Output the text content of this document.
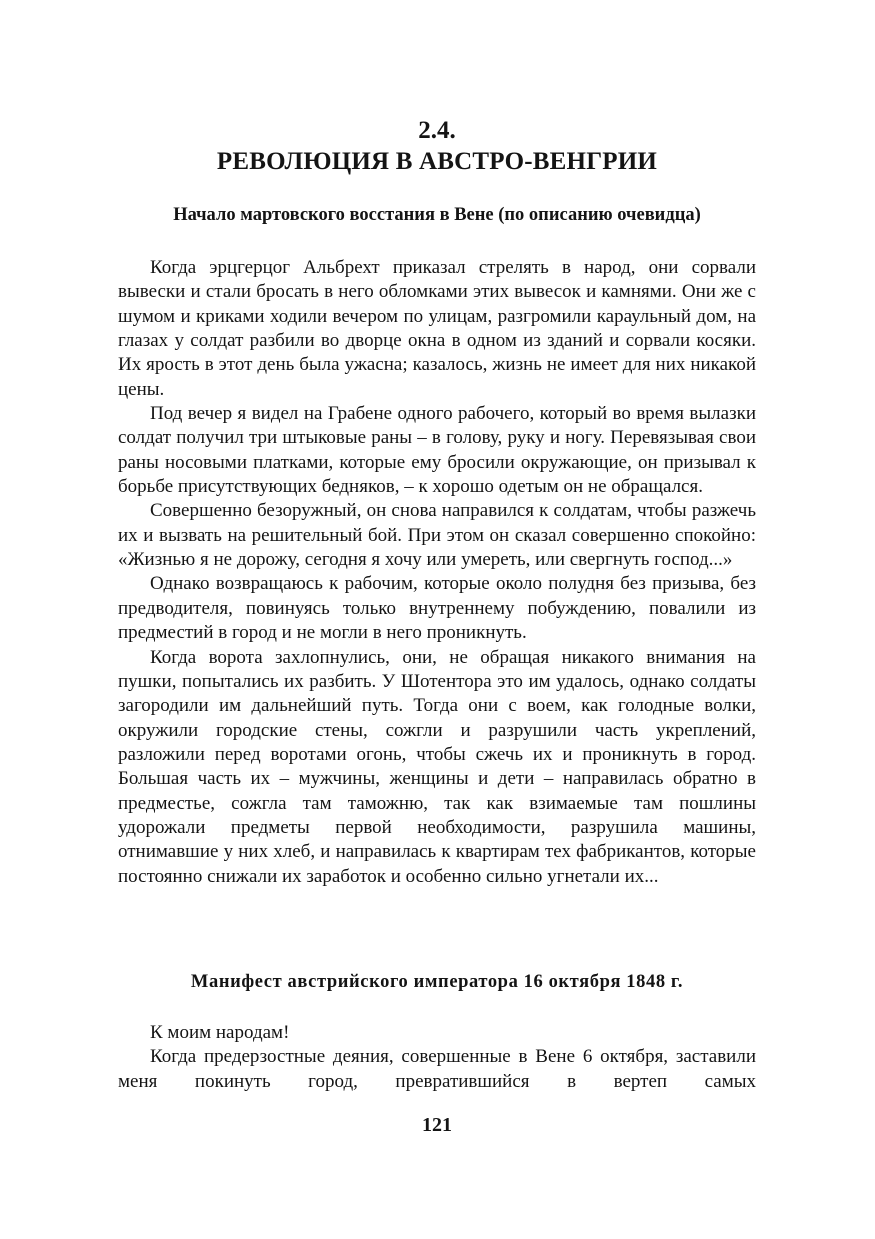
2.4.
РЕВОЛЮЦИЯ В АВСТРО-ВЕНГРИИ
Начало мартовского восстания в Вене (по описанию очевидца)

Когда эрцгерцог Альбрехт приказал стрелять в народ, они сорвали вывески и стали бросать в него обломками этих вывесок и камнями. Они же с шумом и криками ходили вечером по улицам, разгромили караульный дом, на глазах у солдат разбили во дворце окна в одном из зданий и сорвали косяки. Их ярость в этот день была ужасна; казалось, жизнь не имеет для них никакой цены.

Под вечер я видел на Грабене одного рабочего, который во время вылазки солдат получил три штыковые раны – в голову, руку и ногу. Перевязывая свои раны носовыми платками, которые ему бросили окружающие, он призывал к борьбе присутствующих бедняков, – к хорошо одетым он не обращался.

Совершенно безоружный, он снова направился к солдатам, чтобы разжечь их и вызвать на решительный бой. При этом он сказал совершенно спокойно: «Жизнью я не дорожу, сегодня я хочу или умереть, или свергнуть господ...»

Однако возвращаюсь к рабочим, которые около полудня без призыва, без предводителя, повинуясь только внутреннему побуждению, повалили из предместий в город и не могли в него проникнуть.

Когда ворота захлопнулись, они, не обращая никакого внимания на пушки, попытались их разбить. У Шотентора это им удалось, однако солдаты загородили им дальнейший путь. Тогда они с воем, как голодные волки, окружили городские стены, сожгли и разрушили часть укреплений, разложили перед воротами огонь, чтобы сжечь их и проникнуть в город. Большая часть их – мужчины, женщины и дети – направилась обратно в предместье, сожгла там таможню, так как взимаемые там пошлины удорожали предметы первой необходимости, разрушила машины, отнимавшие у них хлеб, и направилась к квартирам тех фабрикантов, которые постоянно снижали их заработок и особенно сильно угнетали их...

Манифест австрийского императора 16 октября 1848 г.

К моим народам!

Когда предерзостные деяния, совершенные в Вене 6 октября, заставили меня покинуть город, превратившийся в вертеп самых

121
